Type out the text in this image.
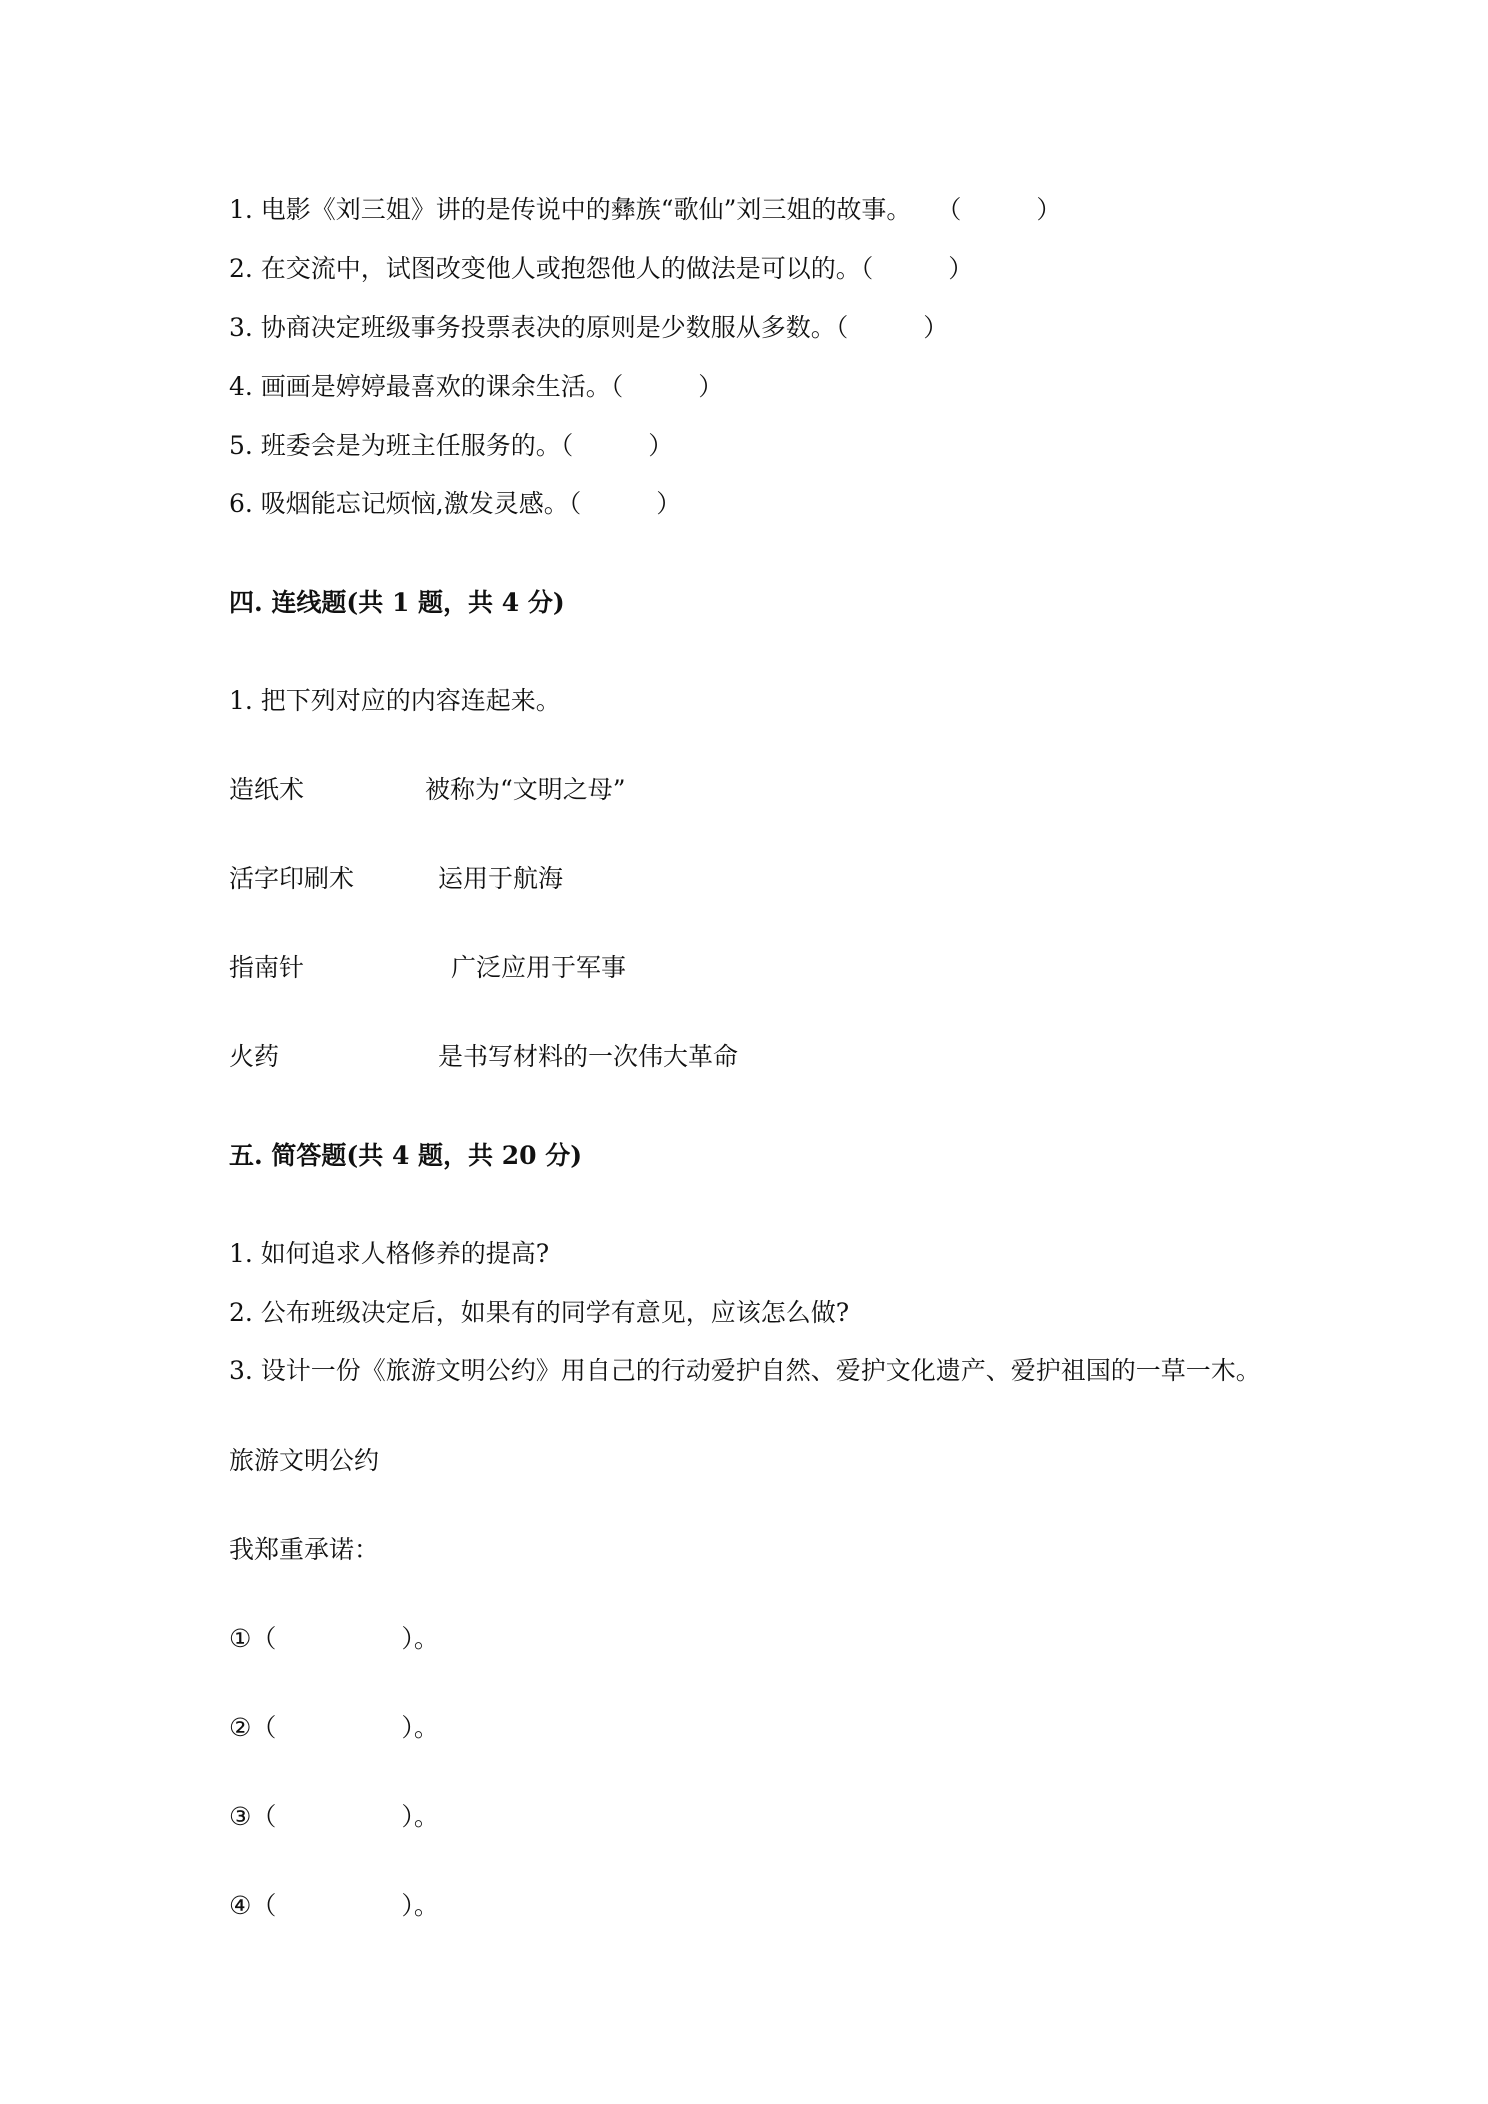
1. 电影《刘三姐》讲的是传说中的彝族“歌仙”刘三姐的故事。　　（　　　）
2. 在交流中，试图改变他人或抱怨他人的做法是可以的。（　　　）
3. 协商决定班级事务投票表决的原则是少数服从多数。（　　　）
4. 画画是婷婷最喜欢的课余生活。（　　　）
5. 班委会是为班主任服务的。（　　　）
6. 吸烟能忘记烦恼,激发灵感。（　　　）
四. 连线题(共 1 题，共 4 分)
1. 把下列对应的内容连起来。
造纸术	被称为“文明之母”
活字印刷术	运用于航海
指南针	广泛应用于军事
火药	是书写材料的一次伟大革命
五. 简答题(共 4 题，共 20 分)
1. 如何追求人格修养的提高?
2. 公布班级决定后，如果有的同学有意见，应该怎么做?
3. 设计一份《旅游文明公约》用自己的行动爱护自然、爱护文化遗产、爱护祖国的一草一木。
旅游文明公约
我郑重承诺：
①（　　　　　）。
②（　　　　　）。
③（　　　　　）。
④（　　　　　）。
